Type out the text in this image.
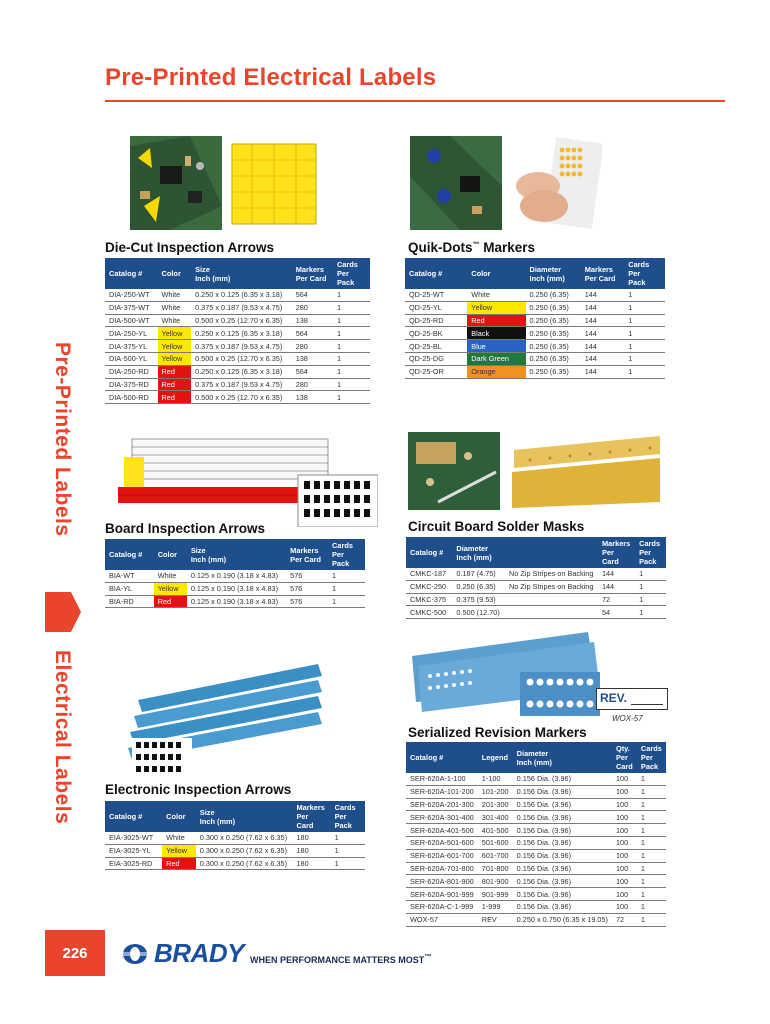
Pre-Printed Electrical Labels
Pre-Printed Labels
Electrical Labels	REV.
WOX-57
Die-Cut Inspection Arrows
Catalog #	Color	Size
Inch (mm)	Markers
Per Card	Cards Per
Pack
DIA-250-WT	White	0.250 x 0.125 (6.35 x 3.18)	564	1
DIA-375-WT	White	0.375 x 0.187 (9.53 x 4.75)	280	1
DIA-500-WT	White	0.500 x 0.25 (12.70 x 6.35)	138	1
DIA-250-YL	Yellow	0.250 x 0.125 (6.35 x 3.18)	564	1
DIA-375-YL	Yellow	0.375 x 0.187 (9.53 x 4.75)	280	1
DIA-500-YL	Yellow	0.500 x 0.25 (12.70 x 6.35)	138	1
DIA-250-RD	Red	0.250 x 0.125 (6.35 x 3.18)	564	1
DIA-375-RD	Red	0.375 x 0.187 (9.53 x 4.75)	280	1
DIA-500-RD	Red	0.500 x 0.25 (12.70 x 6.35)	138	1
Quik-Dots™ Markers
Catalog #	Color	Diameter
Inch (mm)	Markers
Per Card	Cards Per
Pack
QD-25-WT	White	0.250 (6.35)	144	1
QD-25-YL	Yellow	0.250 (6.35)	144	1
QD-25-RD	Red	0.250 (6.35)	144	1
QD-25-BK	Black	0.250 (6.35)	144	1
QD-25-BL	Blue	0.250 (6.35)	144	1
QD-25-DG	Dark Green	0.250 (6.35)	144	1
QD-25-OR	Orange	0.250 (6.35)	144	1
Board Inspection Arrows
Catalog #	Color	Size
Inch (mm)	Markers
Per Card	Cards Per
Pack
BIA-WT	White	0.125 x 0.190 (3.18 x 4.83)	576	1
BIA-YL	Yellow	0.125 x 0.190 (3.18 x 4.83)	576	1
BIA-RD	Red	0.125 x 0.190 (3.18 x 4.83)	576	1
Circuit Board Solder Masks
Catalog #	Diameter
Inch (mm)		Markers
Per Card	Cards
Per Pack
CMKC-187	0.187 (4.75)	No Zip Stripes on Backing	144	1
CMKC-250	0.250 (6.35)	No Zip Stripes on Backing	144	1
CMKC-375	0.375 (9.53)		72	1
CMKC-500	0.500 (12.70)		54	1
Electronic Inspection Arrows
Catalog #	Color	Size
Inch (mm)	Markers
Per Card	Cards
Per Pack
EIA-3025-WT	White	0.300 x 0.250 (7.62 x 6.35)	180	1
EIA-3025-YL	Yellow	0.300 x 0.250 (7.62 x 6.35)	180	1
EIA-3025-RD	Red	0.300 x 0.250 (7.62 x 6.35)	180	1
Serialized Revision Markers
Catalog #	Legend	Diameter
Inch (mm)	Qty.
Per
Card	Cards
Per
Pack
SER-620A-1-100	1-100	0.156 Dia. (3.96)	100	1
SER-620A-101-200	101-200	0.156 Dia. (3.96)	100	1
SER-620A-201-300	201-300	0.156 Dia. (3.96)	100	1
SER-620A-301-400	301-400	0.156 Dia. (3.96)	100	1
SER-620A-401-500	401-500	0.156 Dia. (3.96)	100	1
SER-620A-501-600	501-600	0.156 Dia. (3.96)	100	1
SER-620A-601-700	601-700	0.156 Dia. (3.96)	100	1
SER-620A-701-800	701-800	0.156 Dia. (3.96)	100	1
SER-620A-801-900	801-900	0.156 Dia. (3.96)	100	1
SER-620A-901-999	901-999	0.156 Dia. (3.96)	100	1
SER-620A-C-1-999	1-999	0.156 Dia. (3.96)	100	1
WOX-57	REV	0.250 x 0.750 (6.35 x 19.05)	72	1
226	BRADY WHEN PERFORMANCE MATTERS MOST™
